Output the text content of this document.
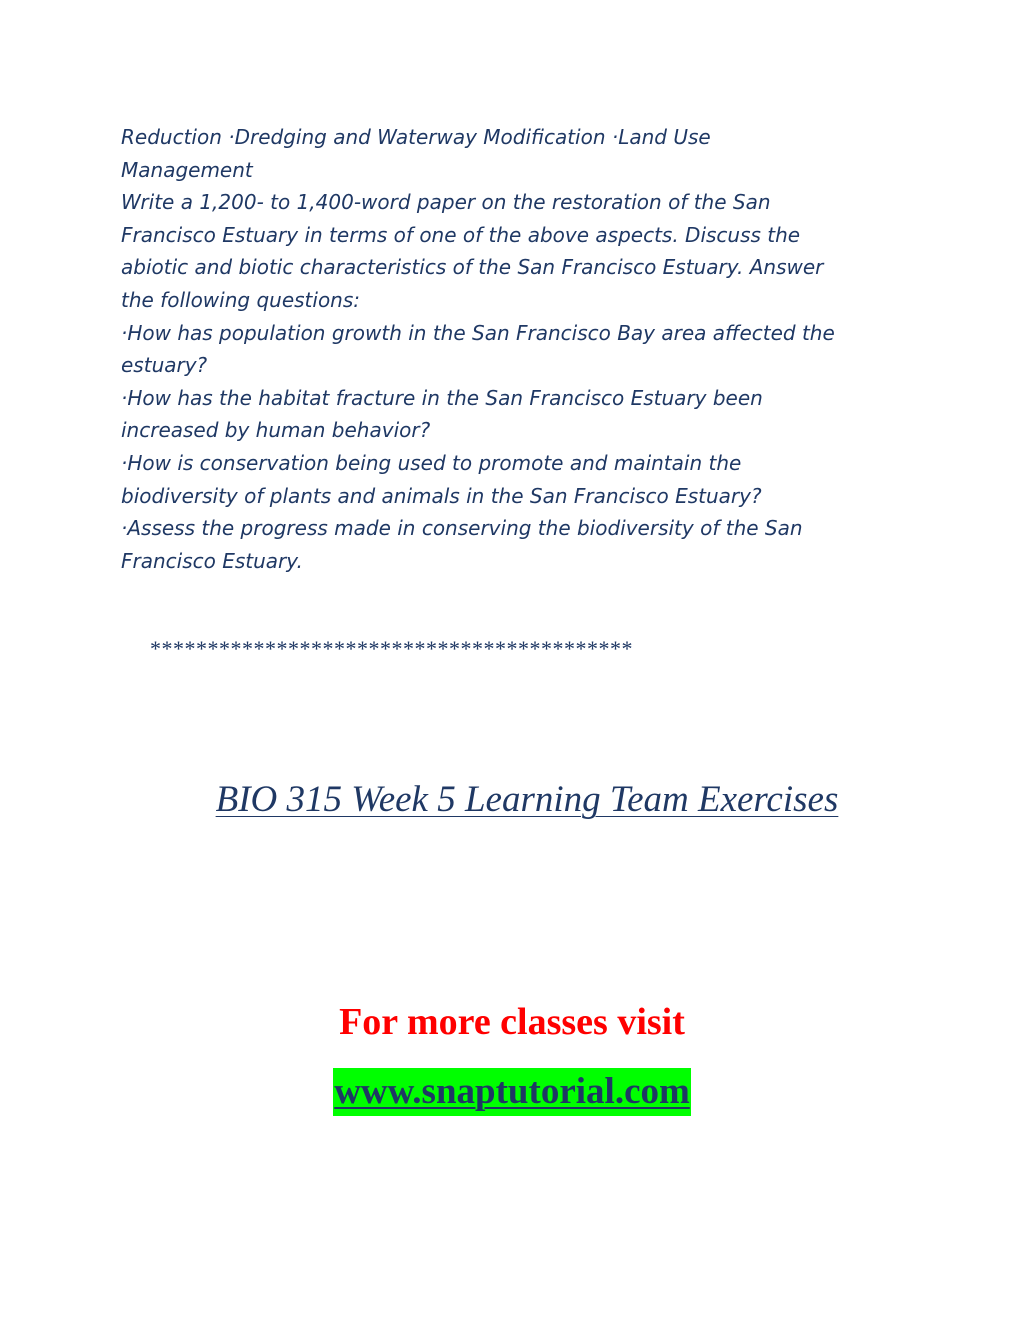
Reduction ·Dredging and Waterway Modification ·Land Use
Management
Write a 1,200- to 1,400-word paper on the restoration of the San
Francisco Estuary in terms of one of the above aspects. Discuss the
abiotic and biotic characteristics of the San Francisco Estuary. Answer
the following questions:
·How has population growth in the San Francisco Bay area affected the
estuary?
·How has the habitat fracture in the San Francisco Estuary been
increased by human behavior?
·How is conservation being used to promote and maintain the
biodiversity of plants and animals in the San Francisco Estuary?
·Assess the progress made in conserving the biodiversity of the San
Francisco Estuary.
******************************************
BIO 315 Week 5 Learning Team Exercises
For more classes visit
www.snaptutorial.com
